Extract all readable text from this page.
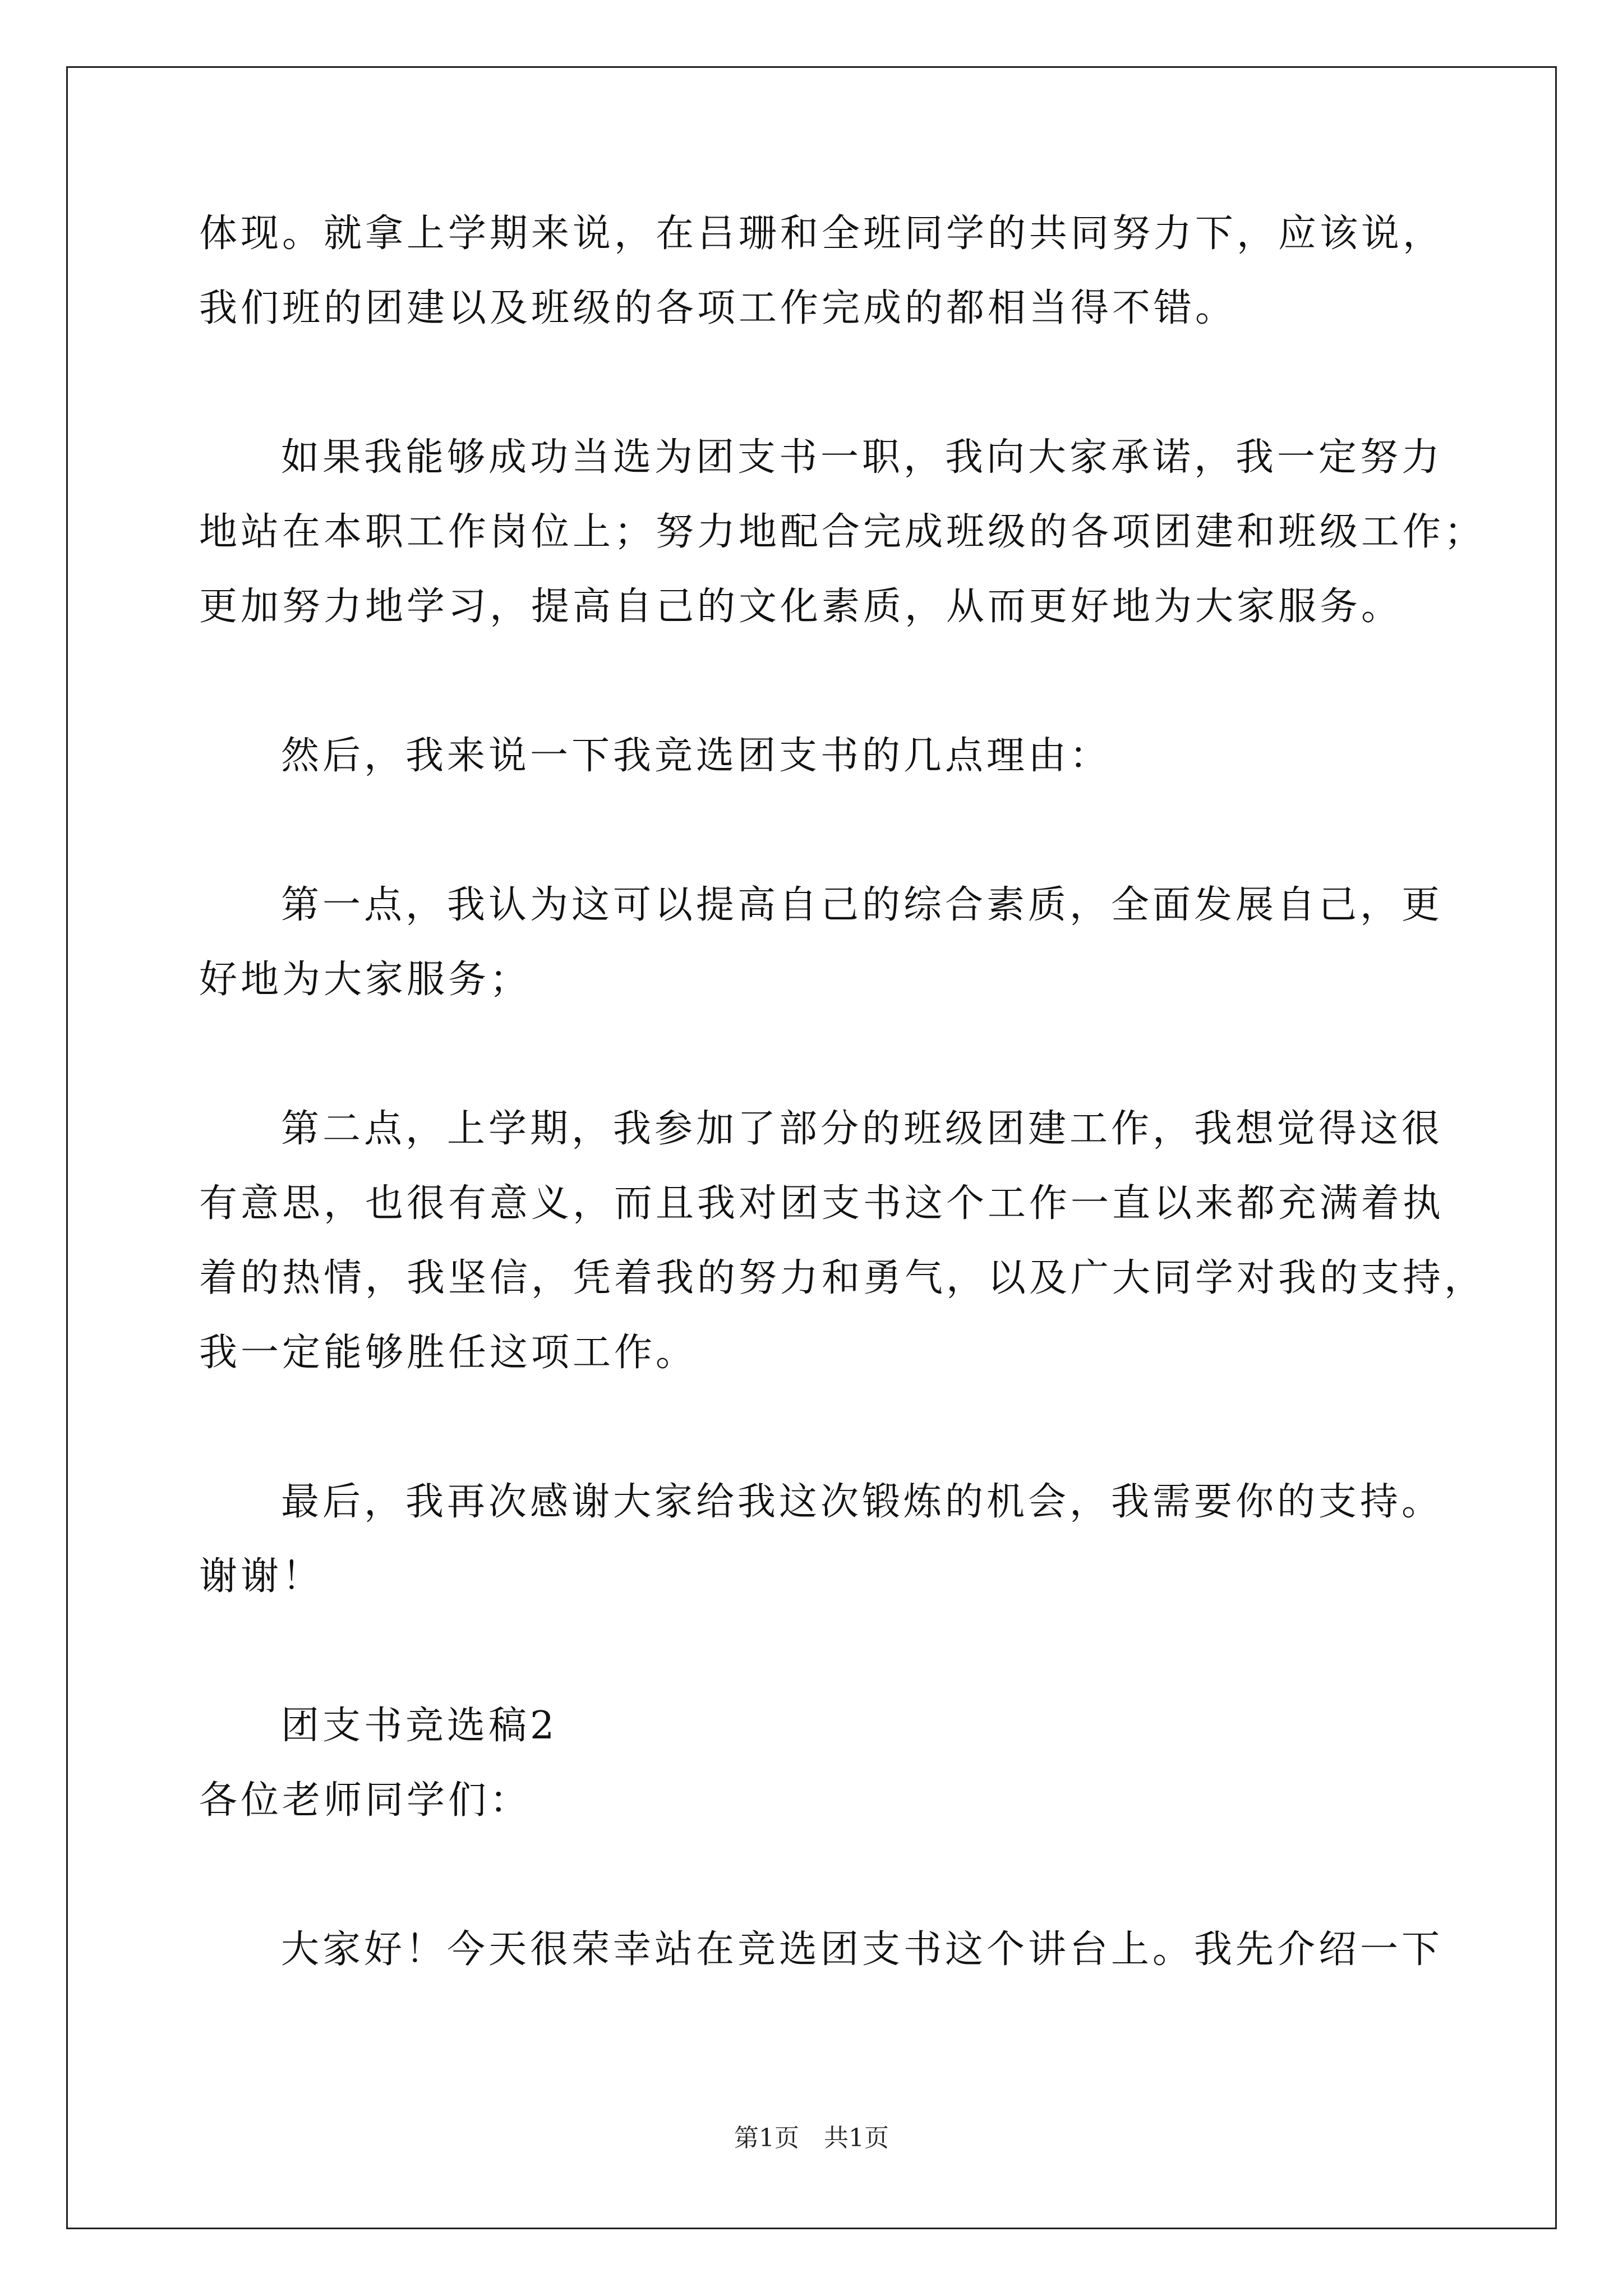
体现。就拿上学期来说，在吕珊和全班同学的共同努力下，应该说，

我们班的团建以及班级的各项工作完成的都相当得不错。

如果我能够成功当选为团支书一职，我向大家承诺，我一定努力

地站在本职工作岗位上；努力地配合完成班级的各项团建和班级工作；

更加努力地学习，提高自己的文化素质，从而更好地为大家服务。

然后，我来说一下我竞选团支书的几点理由：

第一点，我认为这可以提高自己的综合素质，全面发展自己，更

好地为大家服务；

第二点，上学期，我参加了部分的班级团建工作，我想觉得这很

有意思，也很有意义，而且我对团支书这个工作一直以来都充满着执

着的热情，我坚信，凭着我的努力和勇气，以及广大同学对我的支持，

我一定能够胜任这项工作。

最后，我再次感谢大家给我这次锻炼的机会，我需要你的支持。

谢谢！

团支书竞选稿2

各位老师同学们：

大家好！今天很荣幸站在竞选团支书这个讲台上。我先介绍一下

第1页　共1页
